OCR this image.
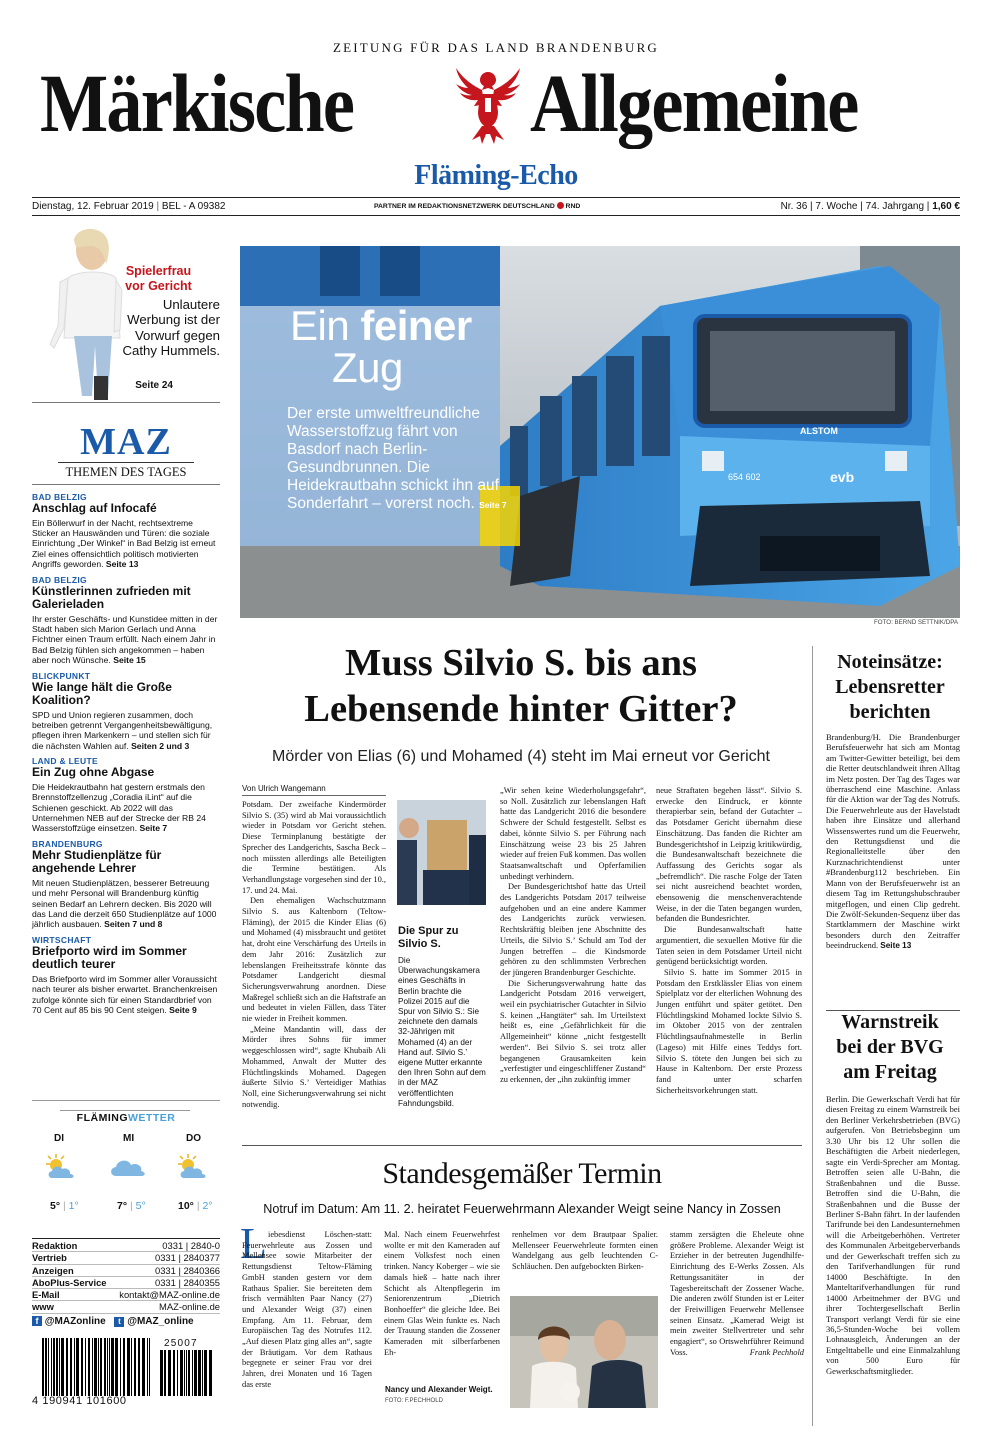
ZEITUNG FÜR DAS LAND BRANDENBURG
Märkische Allgemeine
Fläming-Echo
Dienstag, 12. Februar 2019 | BEL - A 09382	PARTNER IM REDAKTIONSNETZWERK DEUTSCHLAND RND	Nr. 36 | 7. Woche | 74. Jahrgang | 1,60 €
Spielerfrau
vor Gericht
Unlautere Werbung ist der Vorwurf gegen Cathy Hummels.
Seite 24
MAZ
THEMEN DES TAGES
BAD BELZIG
Anschlag auf Infocafé
Ein Böllerwurf in der Nacht, rechtsextreme Sticker an Hauswänden und Türen: die soziale Einrichtung „Der Winkel“ in Bad Belzig ist erneut Ziel eines offensichtlich politisch motivierten Angriffs geworden. Seite 13
BAD BELZIG
Künstlerinnen zufrieden mit Galerieladen
Ihr erster Geschäfts- und Kunstidee mitten in der Stadt haben sich Marion Gerlach und Anna Fichtner einen Traum erfüllt. Nach einem Jahr in Bad Belzig fühlen sich angekommen – haben aber noch Wünsche. Seite 15
BLICKPUNKT
Wie lange hält die Große Koalition?
SPD und Union regieren zusammen, doch betreiben getrennt Vergangenheitsbewältigung, pflegen ihren Markenkern – und stellen sich für die nächsten Wahlen auf. Seiten 2 und 3
LAND & LEUTE
Ein Zug ohne Abgase
Die Heidekrautbahn hat gestern erstmals den Brennstoffzellenzug „Coradia iLint“ auf die Schienen geschickt. Ab 2022 will das Unternehmen NEB auf der Strecke der RB 24 Wasserstoffzüge einsetzen. Seite 7
BRANDENBURG
Mehr Studienplätze für angehende Lehrer
Mit neuen Studienplätzen, besserer Betreuung und mehr Personal will Brandenburg künftig seinen Bedarf an Lehrern decken. Bis 2020 will das Land die derzeit 650 Studienplätze auf 1000 jährlich ausbauen. Seiten 7 und 8
WIRTSCHAFT
Briefporto wird im Sommer deutlich teurer
Das Briefporto wird im Sommer aller Voraussicht nach teurer als bisher erwartet. Branchenkreisen zufolge könnte sich für einen Standardbrief von 70 Cent auf 85 bis 90 Cent steigen. Seite 9
FLÄMINGWETTER
DI	MI	DO
5° | 1°	7° | 5°	10° | 2°
Redaktion	0331 | 2840-0
Vertrieb	0331 | 2840377
Anzeigen	0331 | 2840366
AboPlus-Service	0331 | 2840355
E-Mail	kontakt@MAZ-online.de
www	MAZ-online.de
f @MAZonline t @MAZ_online
25007
4 190941 101600
ALSTOM
654 602	evb
Ein feiner
Zug
Der erste umweltfreundliche Wasserstoffzug fährt von Basdorf nach Berlin-Gesundbrunnen. Die Heidekrautbahn schickt ihn auf Sonderfahrt – vorerst noch. Seite 7
FOTO: BERND SETTNIK/DPA
Muss Silvio S. bis ans
Lebensende hinter Gitter?
Mörder von Elias (6) und Mohamed (4) steht im Mai erneut vor Gericht
Von Ulrich Wangemann

Potsdam. Der zweifache Kindermörder Silvio S. (35) wird ab Mai voraussichtlich wieder in Potsdam vor Gericht stehen. Diese Terminplanung bestätigte der Sprecher des Landgerichts, Sascha Beck – noch müssten allerdings alle Beteiligten die Termine bestätigen. Als Verhandlungstage vorgesehen sind der 10., 17. und 24. Mai.

Den ehemaligen Wachschutzmann Silvio S. aus Kaltenborn (Teltow-Fläming), der 2015 die Kinder Elias (6) und Mohamed (4) missbraucht und getötet hat, droht eine Verschärfung des Urteils in dem Jahr 2016: Zusätzlich zur lebenslangen Freiheitsstrafe könnte das Potsdamer Landgericht diesmal Sicherungsverwahrung anordnen. Diese Maßregel schließt sich an die Haftstrafe an und bedeutet in vielen Fällen, dass Täter nie wieder in Freiheit kommen.

„Meine Mandantin will, dass der Mörder ihres Sohns für immer weggeschlossen wird“, sagte Khubaib Ali Mohammed, Anwalt der Mutter des Flüchtlingskinds Mohamed. Dagegen äußerte Silvio S.’ Verteidiger Mathias Noll, eine Sicherungsverwahrung sei nicht notwendig.

Die Spur zu Silvio S.
Die Überwachungskamera eines Geschäfts in Berlin brachte die Polizei 2015 auf die Spur von Silvio S.: Sie zeichnete den damals 32-Jährigen mit Mohamed (4) an der Hand auf. Silvio S.’ eigene Mutter erkannte den Ihren Sohn auf dem in der MAZ veröffentlichten Fahndungsbild.

„Wir sehen keine Wiederholungsgefahr“, so Noll. Zusätzlich zur lebenslangen Haft hatte das Landgericht 2016 die besondere Schwere der Schuld festgestellt. Selbst es dabei, könnte Silvio S. per Führung nach Einschätzung weise 23 bis 25 Jahren wieder auf freien Fuß kommen. Das wollen Staatsanwaltschaft und Opferfamilien unbedingt verhindern.

Der Bundesgerichtshof hatte das Urteil des Landgerichts Potsdam 2017 teilweise aufgehoben und an eine andere Kammer des Landgerichts zurück verwiesen. Rechtskräftig bleiben jene Abschnitte des Urteils, die Silvio S.’ Schuld am Tod der Jungen betreffen – die Kindsmorde gehören zu den schlimmsten Verbrechen der jüngeren Brandenburger Geschichte.

Die Sicherungsverwahrung hatte das Landgericht Potsdam 2016 verweigert, weil ein psychiatrischer Gutachter in Silvio S. keinen „Hangtäter“ sah. Im Urteilstext heißt es, eine „Gefährlichkeit für die Allgemeinheit“ könne „nicht festgestellt werden“. Bei Silvio S. sei trotz aller begangenen Grausamkeiten kein „verfestigter und eingeschliffener Zustand“ zu erkennen, der „ihn zukünftig immer

neue Straftaten begehen lässt“. Silvio S. erwecke den Eindruck, er könnte therapierbar sein, befand der Gutachter – das Potsdamer Gericht übernahm diese Einschätzung. Das fanden die Richter am Bundesgerichtshof in Leipzig kritikwürdig, die Bundesanwaltschaft bezeichnete die Auffassung des Gerichts sogar als „befremdlich“. Die rasche Folge der Taten sei nicht ausreichend beachtet worden, ebensowenig die menschenverachtende Weise, in der die Taten begangen wurden, befanden die Bundesrichter.

Die Bundesanwaltschaft hatte argumentiert, die sexuellen Motive für die Taten seien in dem Potsdamer Urteil nicht genügend berücksichtigt worden.

Silvio S. hatte im Sommer 2015 in Potsdam den Erstklässler Elias von einem Spielplatz vor der elterlichen Wohnung des Jungen entführt und später getötet. Den Flüchtlingskind Mohamed lockte Silvio S. im Oktober 2015 von der zentralen Flüchtlingsaufnahmestelle in Berlin (Lageso) mit Hilfe eines Teddys fort. Silvio S. tötete den Jungen bei sich zu Hause in Kaltenborn. Der erste Prozess fand unter scharfen Sicherheitsvorkehrungen statt.

Standesgemäßer Termin
Notruf im Datum: Am 11. 2. heiratet Feuerwehrmann Alexander Weigt seine Nancy in Zossen
L iebesdienst Löschen-statt: Feuerwehrleute aus Zossen und Mellensee sowie Mitarbeiter der Rettungsdienst Teltow-Fläming GmbH standen gestern vor dem Rathaus Spalier. Sie bereiteten dem frisch vermählten Paar Nancy (27) und Alexander Weigt (37) einen Empfang. Am 11. Februar, dem Europäischen Tag des Notrufes 112. „Auf diesen Platz ging alles an“, sagte der Bräutigam. Vor dem Rathaus begegnete er seiner Frau vor drei Jahren, drei Monaten und 16 Tagen das erste
Mal. Nach einem Feuerwehrfest wollte er mit den Kameraden auf einem Volksfest noch einen trinken. Nancy Koberger – wie sie damals hieß – hatte nach ihrer Schicht als Altenpflegerin im Seniorenzentrum „Dietrich Bonhoeffer“ die gleiche Idee. Bei einem Glas Wein funkte es. Nach der Trauung standen die Zossener Kameraden mit silberfarbenen Eh-
renhelmen vor dem Brautpaar Spalier. Mellenseer Feuerwehrleute formten einen Wandelgang aus gelb leuchtenden C-Schläuchen. Den aufgebockten Birken-
Nancy und Alexander Weigt.
FOTO: F.PECHHOLD
stamm zersägten die Eheleute ohne größere Probleme. Alexander Weigt ist Erzieher in der betreuten Jugendhilfe-Einrichtung des E-Werks Zossen. Als Rettungssanitäter in der Tagesbereitschaft der Zossener Wache. Die anderen zwölf Stunden ist er Leiter der Freiwilligen Feuerwehr Mellensee seinen Einsatz. „Kamerad Weigt ist mein zweiter Stellvertreter und sehr engagiert“, so Ortswehrführer Reimund Voss.	Frank Pechhold
Noteinsätze:
Lebensretter
berichten
Brandenburg/H. Die Brandenburger Berufsfeuerwehr hat sich am Montag am Twitter-Gewitter beteiligt, bei dem die Retter deutschlandweit ihren Alltag im Netz posten. Der Tag des Tages war überraschend eine Maschine. Anlass für die Aktion war der Tag des Notrufs. Die Feuerwehrleute aus der Havelstadt haben ihre Einsätze und allerhand Wissenswertes rund um die Feuerwehr, den Rettungsdienst und die Regionalleitstelle über den Kurznachrichtendienst unter #Brandenburg112 beschrieben. Ein Mann von der Berufsfeuerwehr ist an diesem Tag im Rettungshubschrauber mitgeflogen, und einen Clip gedreht. Die Zwölf-Sekunden-Sequenz über das Startklammern der Maschine wirkt besonders durch den Zeitraffer beeindruckend. Seite 13
Warnstreik
bei der BVG
am Freitag
Berlin. Die Gewerkschaft Verdi hat für diesen Freitag zu einem Warnstreik bei den Berliner Verkehrsbetrieben (BVG) aufgerufen. Von Betriebsbeginn um 3.30 Uhr bis 12 Uhr sollen die Beschäftigten die Arbeit niederlegen, sagte ein Verdi-Sprecher am Montag. Betroffen seien alle U-Bahn, die Straßenbahnen und die Busse. Betroffen sind die U-Bahn, die Straßenbahnen und die Busse der Berliner S-Bahn fährt. In der laufenden Tarifrunde bei den Landesunternehmen will die Arbeitgeberhöhen. Vertreter des Kommunalen Arbeitgeberverbands und der Gewerkschaft treffen sich zu den Tarifverhandlungen für rund 14000 Beschäftigte. In den Manteltarifverhandlungen für rund 14000 Arbeitnehmer der BVG und ihrer Tochtergesellschaft Berlin Transport verlangt Verdi für sie eine 36,5-Stunden-Woche bei vollem Lohnausgleich, Änderungen an der Entgelttabelle und eine Einmalzahlung von 500 Euro für Gewerkschaftsmitglieder.
